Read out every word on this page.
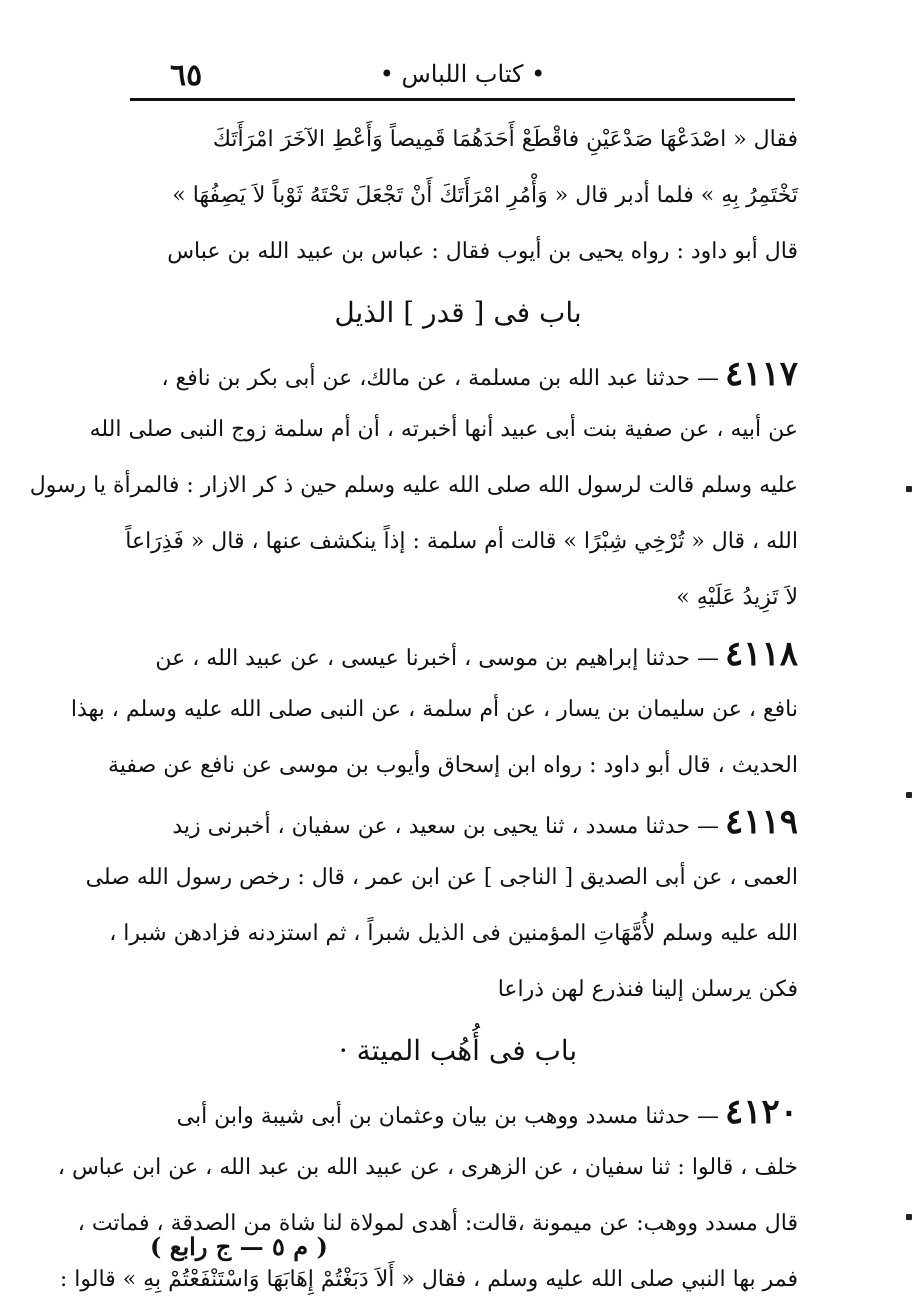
٦٥	• كتاب اللباس •
فقال « اصْدَعْهَا صَدْعَيْنِ فاقْطَعْ أَحَدَهُمَا قَمِيصاً وَأَعْطِ الآخَرَ امْرَأَتَكَ
تَخْتَمِرُ بِهِ » فلما أدبر قال « وَأْمُرِ امْرَأَتَكَ أَنْ تَجْعَلَ تَحْتَهُ ثَوْباً لاَ يَصِفُهَا »
قال أبو داود : رواه يحيى بن أيوب فقال : عباس بن عبيد الله بن عباس
باب فى [ قدر ] الذيل
٤١١٧— حدثنا عبد الله بن مسلمة ، عن مالك، عن أبى بكر بن نافع ،
عن أبيه ، عن صفية بنت أبى عبيد أنها أخبرته ، أن أم سلمة زوج النبى صلى الله
عليه وسلم قالت لرسول الله صلى الله عليه وسلم حين ذ كر الازار : فالمرأة يا رسول
الله ، قال « تُرْخِي شِبْرًا » قالت أم سلمة : إذاً ينكشف عنها ، قال « فَذِرَاعاً
لاَ تَزِيدُ عَلَيْهِ »
٤١١٨— حدثنا إبراهيم بن موسى ، أخبرنا عيسى ، عن عبيد الله ، عن
نافع ، عن سليمان بن يسار ، عن أم سلمة ، عن النبى صلى الله عليه وسلم ، بهذا
الحديث ، قال أبو داود : رواه ابن إسحاق وأيوب بن موسى عن نافع عن صفية
٤١١٩— حدثنا مسدد ، ثنا يحيى بن سعيد ، عن سفيان ، أخبرنى زيد
العمى ، عن أبى الصديق [ الناجى ] عن ابن عمر ، قال : رخص رسول الله صلى
الله عليه وسلم لأُمَّهَاتِ المؤمنين فى الذيل شبراً ، ثم استزدنه فزادهن شبرا ،
فكن يرسلن إلينا فنذرع لهن ذراعا
باب فى أُهُب الميتة ·
٤١٢٠— حدثنا مسدد ووهب بن بيان وعثمان بن أبى شيبة وابن أبى
خلف ، قالوا : ثنا سفيان ، عن الزهرى ، عن عبيد الله بن عبد الله ، عن ابن عباس ،
قال مسدد ووهب: عن ميمونة ،قالت: أهدى لمولاة لنا شاة من الصدقة ، فماتت ،
فمر بها النبي صلى الله عليه وسلم ، فقال « أَلاَ دَبَغْتُمْ إِهَابَهَا وَاسْتَنْفَعْتُمْ بِهِ » قالوا :
( م ٥ — ج رابع )
